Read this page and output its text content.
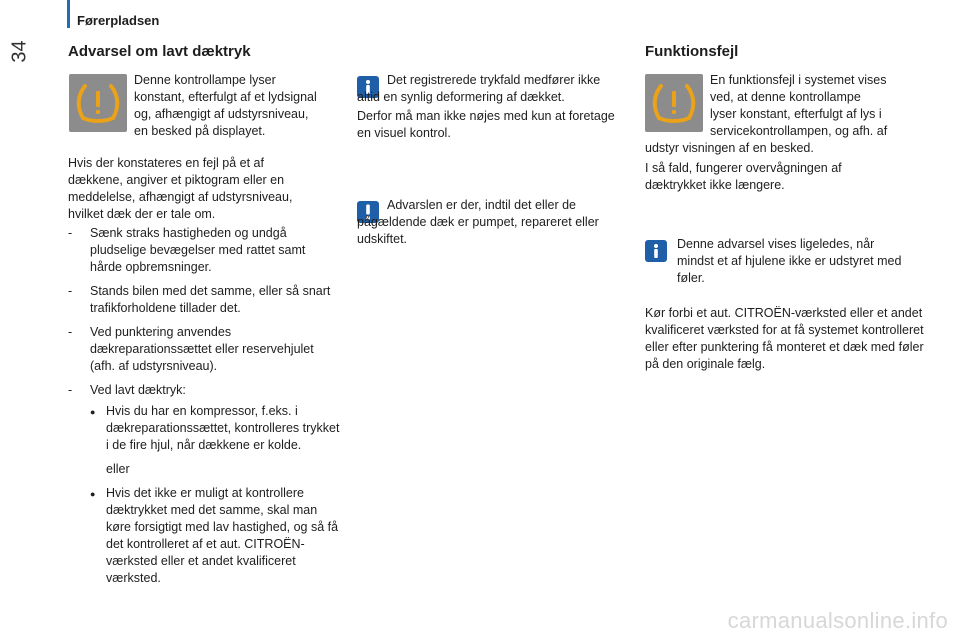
Førerpladsen
34	Advarsel om lavt dæktryk

Denne kontrollampe lyser

konstant, efterfulgt af et lydsignal

og, afhængigt af udstyrsniveau,

en besked på displayet.

Hvis der konstateres en fejl på et af dækkene, angiver et piktogram eller en meddelelse, afhængigt af udstyrsniveau, hvilket dæk der er tale om.

- Sænk straks hastigheden og undgå pludselige bevægelser med rattet samt hårde opbremsninger.
- Stands bilen med det samme, eller så snart trafikforholdene tillader det.
- Ved punktering anvendes dækreparationssættet eller reservehjulet (afh. af udstyrsniveau).
- Ved lavt dæktryk:
● Hvis du har en kompressor, f.eks. i dækreparationssættet, kontrolleres trykket i de fire hjul, når dækkene er kolde.
eller
● Hvis det ikke er muligt at kontrollere dæktrykket med det samme, skal man køre forsigtigt med lav hastighed, og så få det kontrolleret af et aut. CITROËN-værksted eller et andet kvalificeret værksted.

Det registrerede trykfald medfører ikke altid en synlig deformering af dækket.

Derfor må man ikke nøjes med kun at foretage en visuel kontrol.

Advarslen er der, indtil det eller de pågældende dæk er pumpet, repareret eller udskiftet.

Funktionsfejl

En funktionsfejl i systemet vises

ved, at denne kontrollampe

lyser konstant, efterfulgt af lys i

servicekontrollampen, og afh. af

udstyr visningen af en besked.

I så fald, fungerer overvågningen af dæktrykket ikke længere.

Denne advarsel vises ligeledes, når mindst et af hjulene ikke er udstyret med føler.

Kør forbi et aut. CITROËN-værksted eller et andet kvalificeret værksted for at få systemet kontrolleret eller efter punktering få monteret et dæk med føler på den originale fælg.

carmanualsonline.info
